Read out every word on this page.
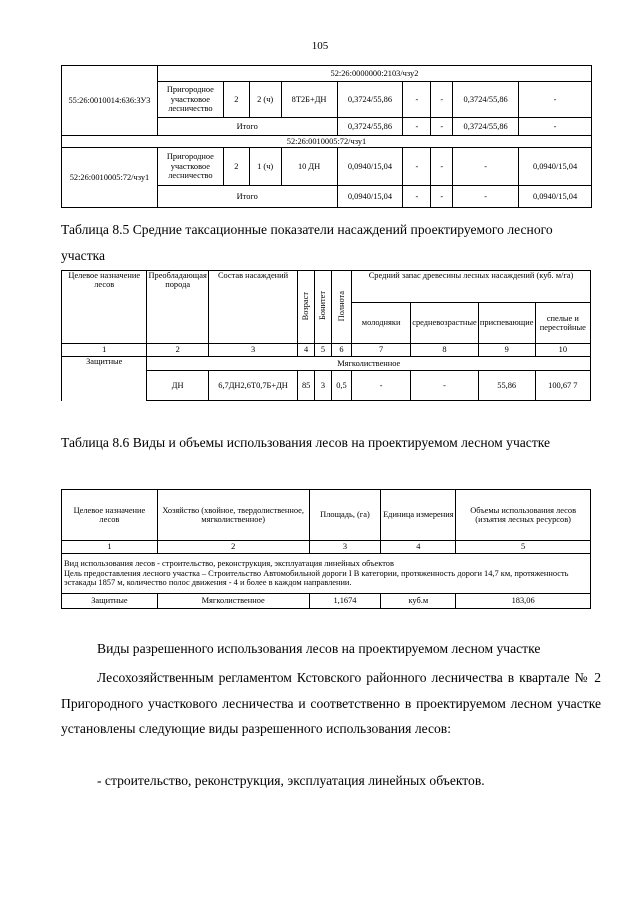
105
55:26:0010014:636:ЗУ3	52:26:0000000:2103/чзу2								
	Пригородное участковое лесничество	2	2 (ч)	8Т2Б+ДН	0,3724/55,86	-	-	0,3724/55,86	-
	Итого				0,3724/55,86	-	-	0,3724/55,86	-
52:26:0010005:72/чзу1									
52:26:0010005:72/чзу1	Пригородное участковое лесничество	2	1 (ч)	10 ДН	0,0940/15,04	-	-	-	0,0940/15,04
	Итого				0,0940/15,04	-	-	-	0,0940/15,04

Таблица 8.5 Средние таксационные показатели насаждений проектируемого лесного участка

Целевое назначение лесов	Преобладающая порода	Состав насаждений	Возраст	Бонитет	Полнота	Средний запас древесины лесных насаждений (куб. м/га)			
						молодняки	средневозрастные	приспевающие	спелые и перестойные
1	2	3	4	5	6	7	8	9	10
Защитные	Мягколиственное								
	ДН	6,7ДН2,6Т0,7Б+ДН	85	3	0,5	-	-	55,86	100,67 7

Таблица 8.6 Виды и объемы использования лесов на проектируемом лесном участке

Целевое назначение лесов	Хозяйство (хвойное, твердолиственное, мягколиственное)	Площадь, (га)	Единица измерения	Объемы использования лесов (изъятия лесных ресурсов)
1	2	3	4	5

Вид использования лесов - строительство, реконструкция, эксплуатация линейных объектов
Цель предоставления лесного участка – Строительство Автомобильной дороги I B категории, протяженность дороги 14,7 км, протяженность эстакады 1857 м, количество полос движения - 4 и более в каждом направлении.				

Защитные	Мягколиственное	1,1674	куб.м	183,06

Виды разрешенного использования лесов на проектируемом лесном участке

Лесохозяйственным регламентом Кстовского районного лесничества в квартале № 2 Пригородного участкового лесничества и соответственно в проектируемом лесном участке установлены следующие виды разрешенного использования лесов:

- строительство, реконструкция, эксплуатация линейных объектов.
